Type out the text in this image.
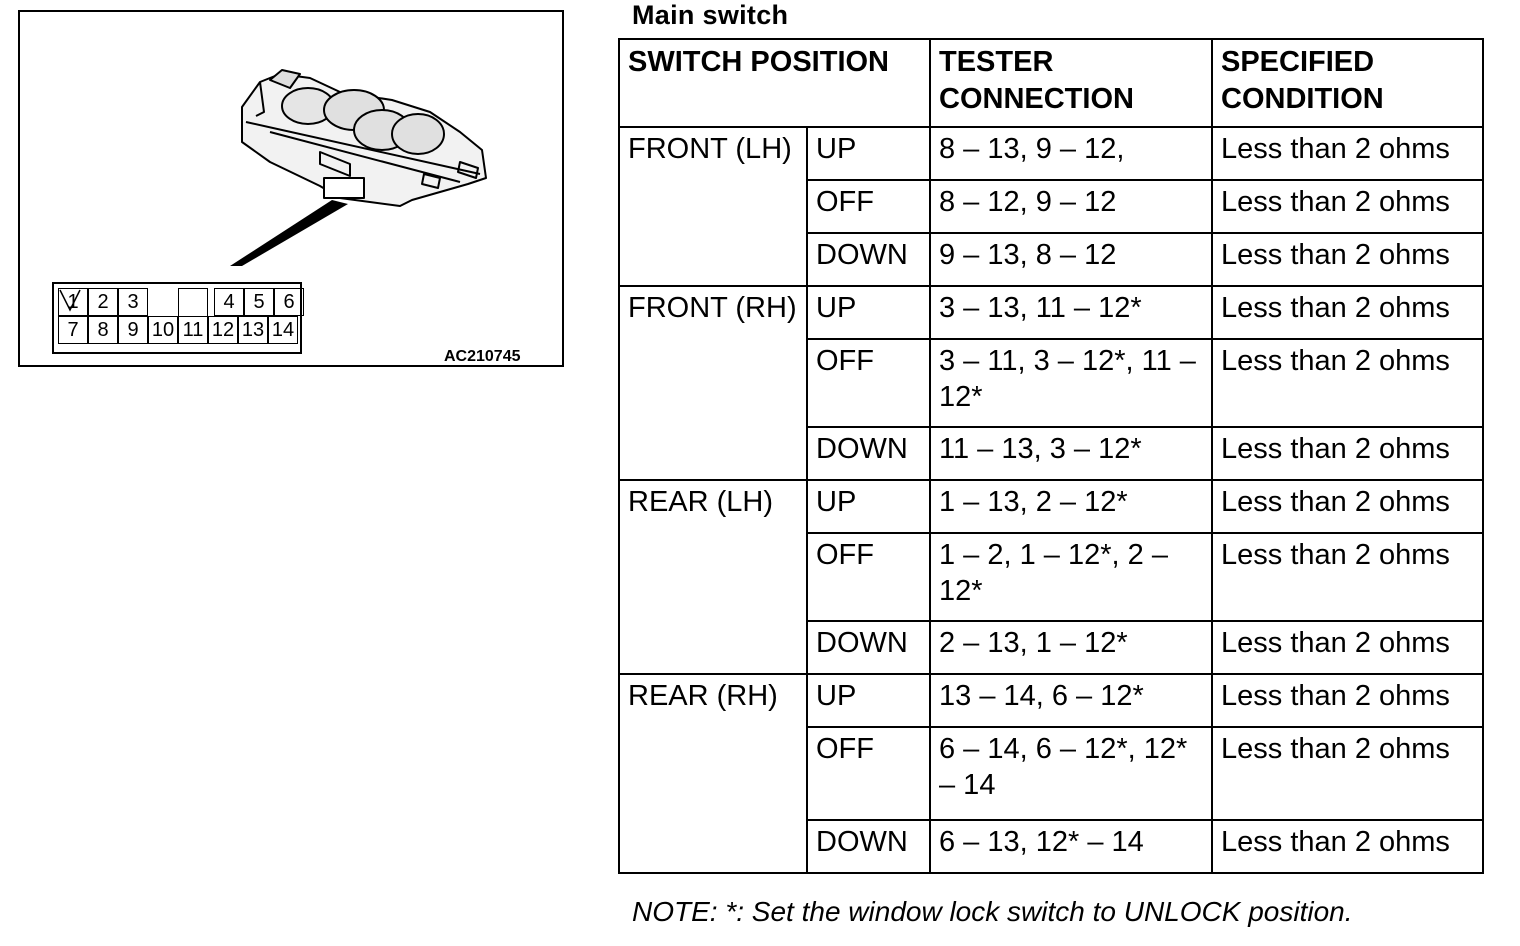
1 2 3	4 5 6
7 8 9 10 11 12 13 14
AC210745
Main switch
SWITCH POSITION		TESTER CONNECTION	SPECIFIED CONDITION
FRONT (LH)	UP	8 – 13, 9 – 12,	Less than 2 ohms
	OFF	8 – 12, 9 – 12	Less than 2 ohms
	DOWN	9 – 13, 8 – 12	Less than 2 ohms
FRONT (RH)	UP	3 – 13, 11 – 12*	Less than 2 ohms
	OFF	3 – 11, 3 – 12*, 11 – 12*	Less than 2 ohms
	DOWN	11 – 13, 3 – 12*	Less than 2 ohms
REAR (LH)	UP	1 – 13, 2 – 12*	Less than 2 ohms
	OFF	1 – 2, 1 – 12*, 2 – 12*	Less than 2 ohms
	DOWN	2 – 13, 1 – 12*	Less than 2 ohms
REAR (RH)	UP	13 – 14, 6 – 12*	Less than 2 ohms
	OFF	6 – 14, 6 – 12*, 12* – 14	Less than 2 ohms
	DOWN	6 – 13, 12* – 14	Less than 2 ohms
NOTE: *: Set the window lock switch to UNLOCK position.
